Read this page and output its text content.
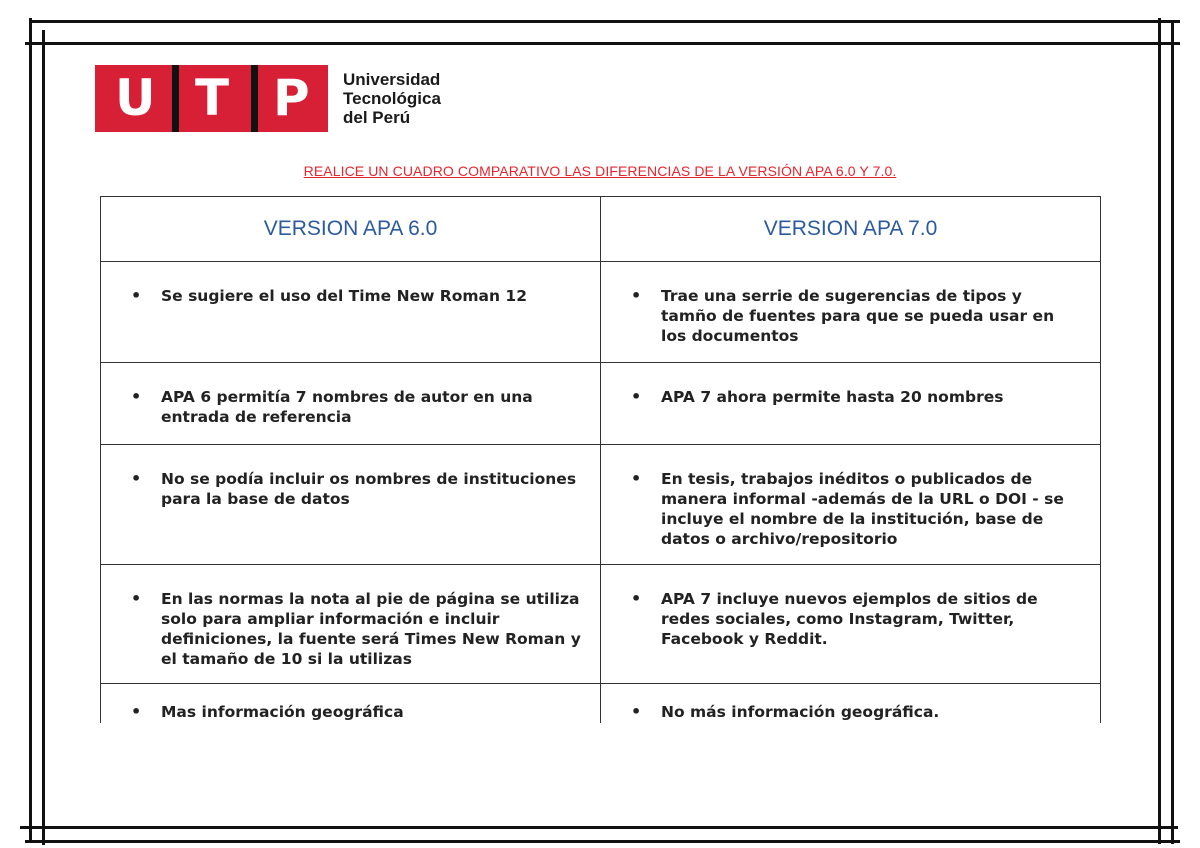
U T P Universidad
Tecnológica
del Perú
REALICE UN CUADRO COMPARATIVO LAS DIFERENCIAS DE LA VERSIÓN APA 6.0 Y 7.0.
VERSION APA 6.0	VERSION APA 7.0

• Se sugiere el uso del Time New Roman 12	• Trae una serrie de sugerencias de tipos y tamño de fuentes para que se pueda usar en los documentos

• APA 6 permitía 7 nombres de autor en una entrada de referencia	• APA 7 ahora permite hasta 20 nombres

• No se podía incluir os nombres de instituciones para la base de datos	• En tesis, trabajos inéditos o publicados de manera informal -además de la URL o DOI - se incluye el nombre de la institución, base de datos o archivo/repositorio

• En las normas la nota al pie de página se utiliza solo para ampliar información e incluir definiciones, la fuente será Times New Roman y el tamaño de 10 si la utilizas	• APA 7 incluye nuevos ejemplos de sitios de redes sociales, como Instagram, Twitter, Facebook y Reddit.

• Mas información geográfica	• No más información geográfica.
